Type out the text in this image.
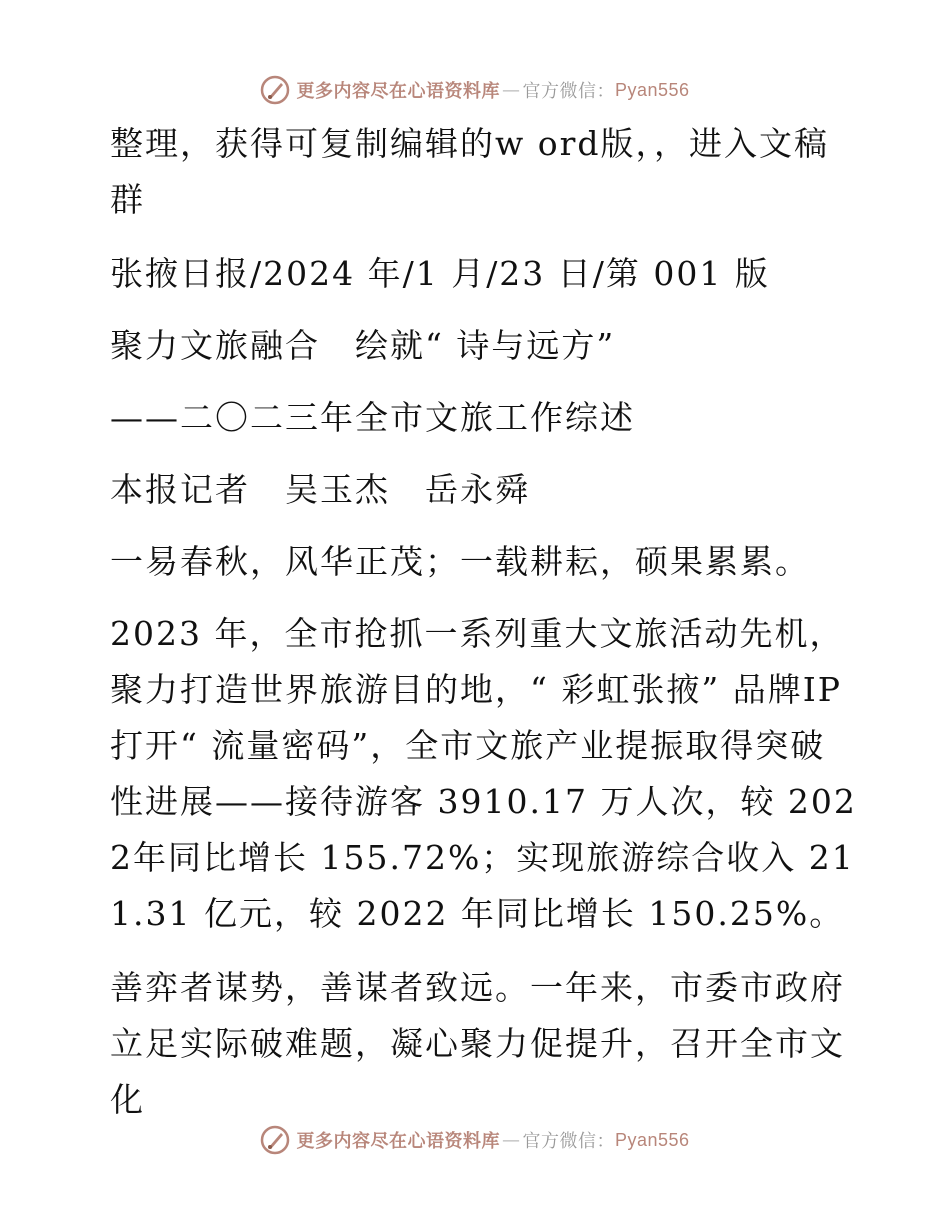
更多内容尽在心语资料库 — 官方微信： Pyan556

整理，获得可复制编辑的w ord版，，进入文稿群

张掖日报/2024 年/1 月/23 日/第 001 版

聚力文旅融合　绘就“ 诗与远方”

——二〇二三年全市文旅工作综述

本报记者　吴玉杰　岳永舜

一易春秋，风华正茂；一载耕耘，硕果累累。

2023 年，全市抢抓一系列重大文旅活动先机，聚力打造世界旅游目的地，“ 彩虹张掖” 品牌IP打开“ 流量密码”，全市文旅产业提振取得突破性进展——接待游客 3910.17 万人次，较 2022年同比增长 155.72%；实现旅游综合收入 211.31 亿元，较 2022 年同比增长 150.25%。

善弈者谋势，善谋者致远。一年来，市委市政府立足实际破难题，凝心聚力促提升，召开全市文化

更多内容尽在心语资料库 — 官方微信： Pyan556
